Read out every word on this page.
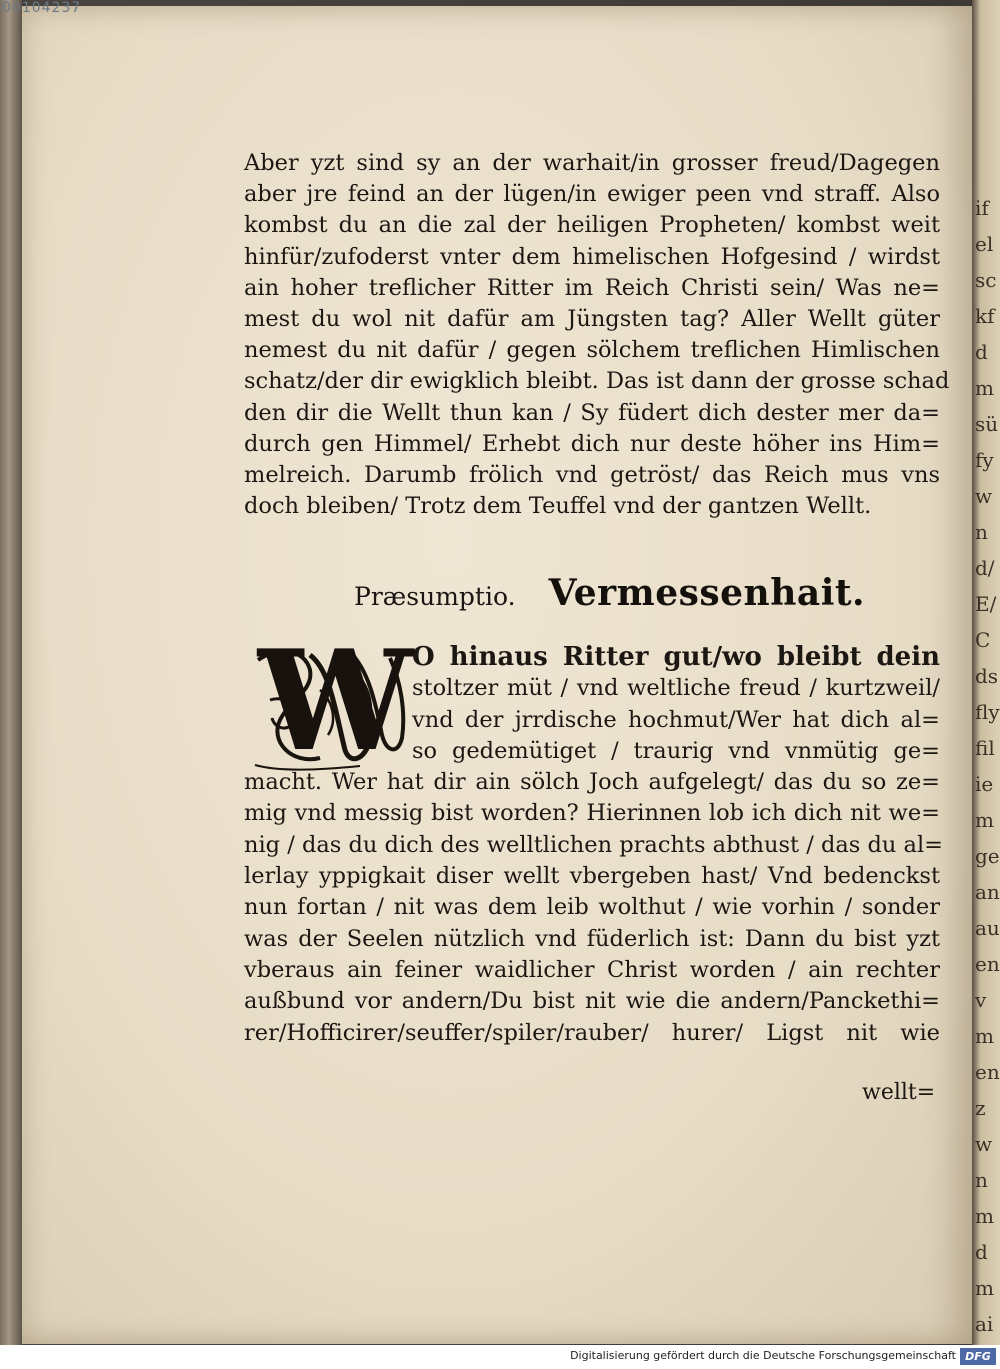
ifelsckfdmsüfywnd/E/Cdsflyfiliemgeanauenvmenzwnmdmai
00104237
Aber yzt sind sy an der warhait/in grosser freud/Dagegen
aber jre feind an der lügen/in ewiger peen vnd straff. Also
kombst du an die zal der heiligen Propheten/ kombst weit
hinfür/zufoderst vnter dem himelischen Hofgesind / wirdst
ain hoher treflicher Ritter im Reich Christi sein/ Was ne=
mest du wol nit dafür am Jüngsten tag? Aller Wellt güter
nemest du nit dafür / gegen sölchem treflichen Himlischen
schatz/der dir ewigklich bleibt. Das ist dann der grosse schad
den dir die Wellt thun kan / Sy füdert dich dester mer da=
durch gen Himmel/ Erhebt dich nur deste höher ins Him=
melreich. Darumb frölich vnd getröst/ das Reich mus vns
doch bleiben/ Trotz dem Teuffel vnd der gantzen Wellt.
Præsumptio. Vermessenhait.
W O hinaus Ritter gut/wo bleibt dein
stoltzer müt / vnd weltliche freud / kurtzweil/
vnd der jrrdische hochmut/Wer hat dich al=
so gedemütiget / traurig vnd vnmütig ge=
macht. Wer hat dir ain sölch Joch aufgelegt/ das du so ze=
mig vnd messig bist worden? Hierinnen lob ich dich nit we=
nig / das du dich des welltlichen prachts abthust / das du al=
lerlay yppigkait diser wellt vbergeben hast/ Vnd bedenckst
nun fortan / nit was dem leib wolthut / wie vorhin / sonder
was der Seelen nützlich vnd füderlich ist: Dann du bist yzt
vberaus ain feiner waidlicher Christ worden / ain rechter
außbund vor andern/Du bist nit wie die andern/Panckethi=
rer/Hofficirer/seuffer/spiler/rauber/ hurer/ Ligst nit wie
wellt=
Digitalisierung gefördert durch die Deutsche Forschungsgemeinschaft DFG
